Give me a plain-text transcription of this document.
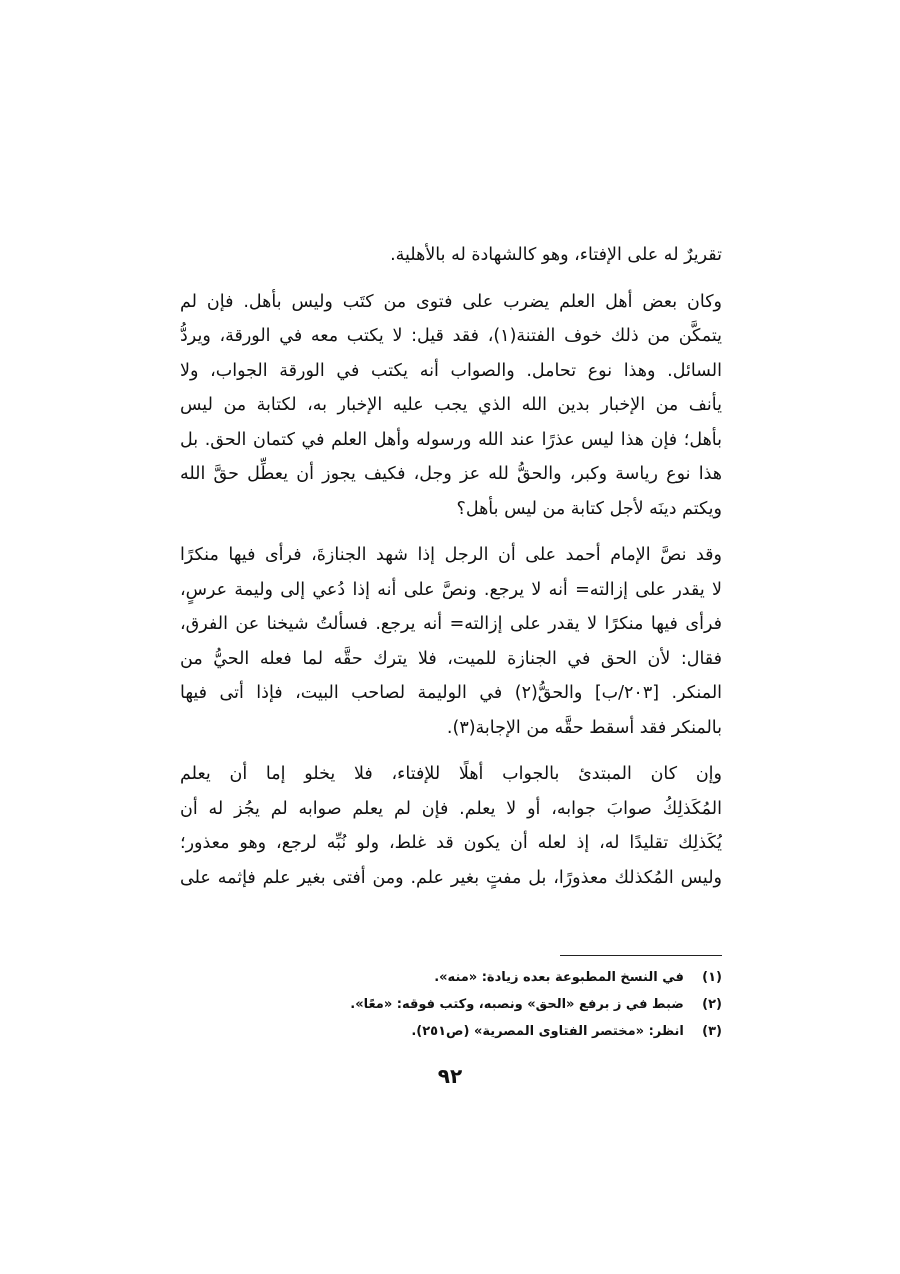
تقريرٌ له على الإفتاء، وهو كالشهادة له بالأهلية.
وكان بعض أهل العلم يضرب على فتوى من كتَب وليس بأهل. فإن لم
يتمكَّن من ذلك خوف الفتنة(١)، فقد قيل: لا يكتب معه في الورقة، ويردُّ
السائل. وهذا نوع تحامل. والصواب أنه يكتب في الورقة الجواب، ولا
يأنف من الإخبار بدين الله الذي يجب عليه الإخبار به، لكتابة من ليس
بأهل؛ فإن هذا ليس عذرًا عند الله ورسوله وأهل العلم في كتمان الحق. بل
هذا نوع رياسة وكبر، والحقُّ لله عز وجل، فكيف يجوز أن يعطِّل حقَّ الله
ويكتم دينَه لأجل كتابة من ليس بأهل؟
وقد نصَّ الإمام أحمد على أن الرجل إذا شهد الجنازةَ، فرأى فيها منكرًا
لا يقدر على إزالته= أنه لا يرجع. ونصَّ على أنه إذا دُعي إلى وليمة عرسٍ،
فرأى فيها منكرًا لا يقدر على إزالته= أنه يرجع. فسألتُ شيخنا عن الفرق،
فقال: لأن الحق في الجنازة للميت، فلا يترك حقَّه لما فعله الحيُّ من
المنكر. [٢٠٣/ب] والحقُّ(٢) في الوليمة لصاحب البيت، فإذا أتى فيها
بالمنكر فقد أسقط حقَّه من الإجابة(٣).
وإن كان المبتدئ بالجواب أهلًا للإفتاء، فلا يخلو إما أن يعلم
المُكَذلِكُ صوابَ جوابه، أو لا يعلم. فإن لم يعلم صوابه لم يجُز له أن
يُكَذلِك تقليدًا له، إذ لعله أن يكون قد غلط، ولو نُبِّه لرجع، وهو معذور؛
وليس المُكذلك معذورًا، بل مفتٍ بغير علم. ومن أفتى بغير علم فإثمه على
(١) في النسخ المطبوعة بعده زيادة: «منه».
(٢) ضبط في ز برفع «الحق» ونصبه، وكتب فوقه: «معًا».
(٣) انظر: «مختصر الفتاوى المصرية» (ص٢٥١).
٩٢
